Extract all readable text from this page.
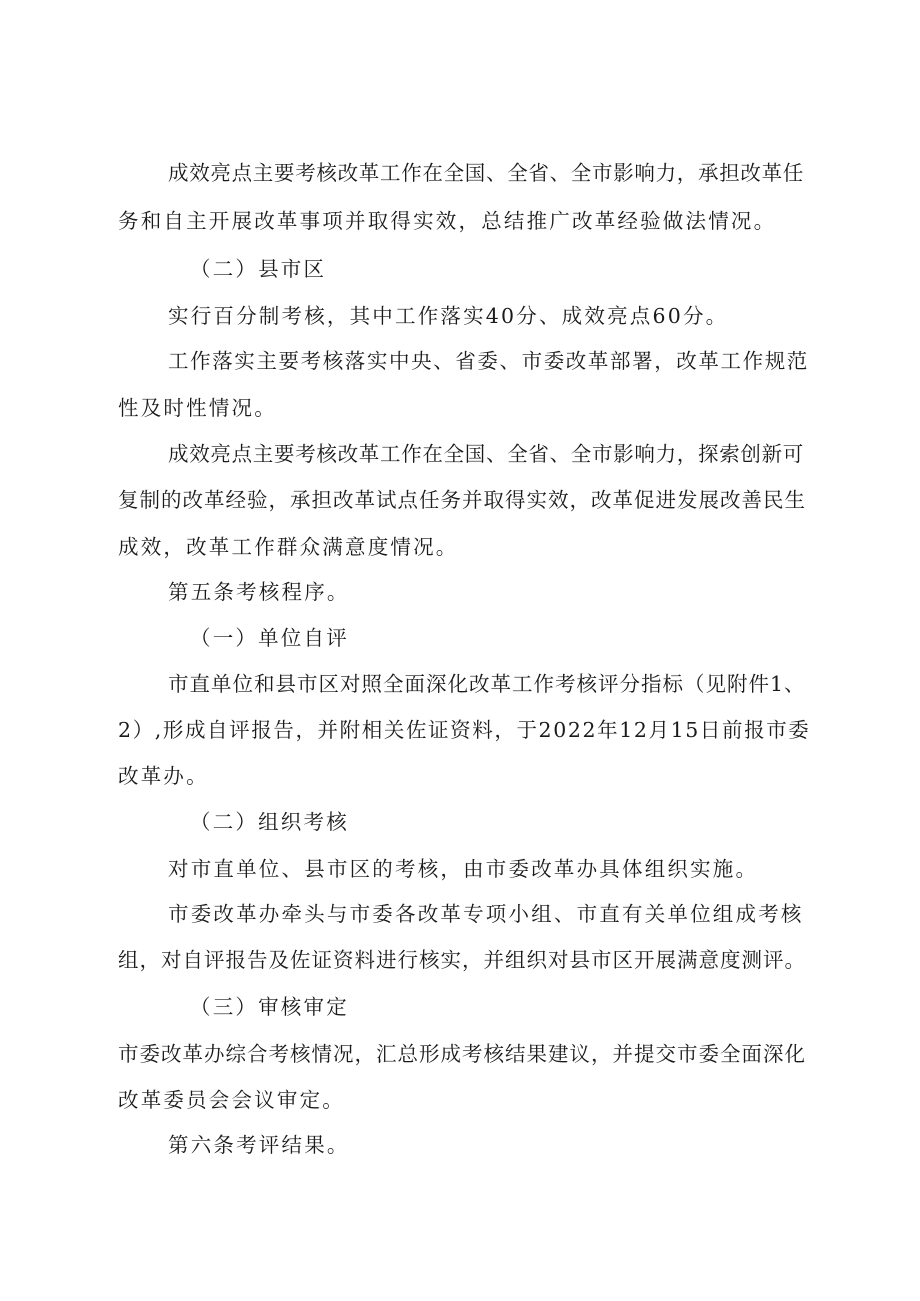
成效亮点主要考核改革工作在全国、全省、全市影响力，承担改革任
务和自主开展改革事项并取得实效，总结推广改革经验做法情况。
（二）县市区
实行百分制考核，其中工作落实40分、成效亮点60分。
工作落实主要考核落实中央、省委、市委改革部署，改革工作规范
性及时性情况。
成效亮点主要考核改革工作在全国、全省、全市影响力，探索创新可
复制的改革经验，承担改革试点任务并取得实效，改革促进发展改善民生
成效，改革工作群众满意度情况。
第五条考核程序。
（一）单位自评
市直单位和县市区对照全面深化改革工作考核评分指标（见附件1、
2）,形成自评报告，并附相关佐证资料，于2022年12月15日前报市委
改革办。
（二）组织考核
对市直单位、县市区的考核，由市委改革办具体组织实施。
市委改革办牵头与市委各改革专项小组、市直有关单位组成考核
组，对自评报告及佐证资料进行核实，并组织对县市区开展满意度测评。
（三）审核审定
市委改革办综合考核情况，汇总形成考核结果建议，并提交市委全面深化
改革委员会会议审定。
第六条考评结果。
